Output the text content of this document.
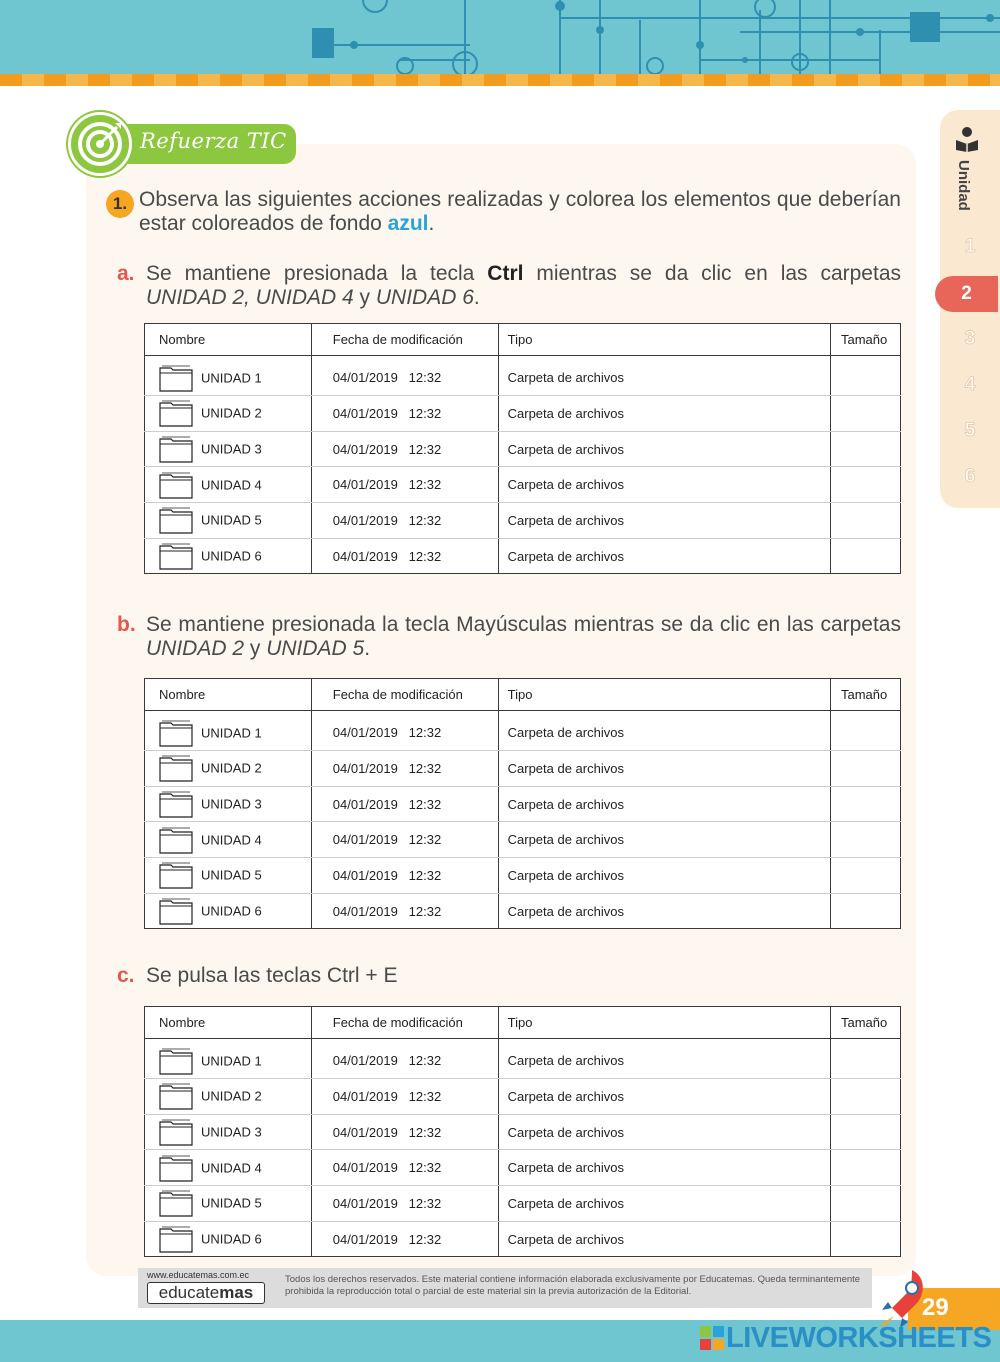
Refuerza TIC
Unidad
1
2
3
4
5
6
1. Observa las siguientes acciones realizadas y colorea los elementos que deberían estar coloreados de fondo azul.
a. Se mantiene presionada la tecla Ctrl mientras se da clic en las carpetas UNIDAD 2, UNIDAD 4 y UNIDAD 6.
Nombre	Fecha de modificación	Tipo	Tamaño
UNIDAD 1	04/01/2019   12:32	Carpeta de archivos	
UNIDAD 2	04/01/2019   12:32	Carpeta de archivos	
UNIDAD 3	04/01/2019   12:32	Carpeta de archivos	
UNIDAD 4	04/01/2019   12:32	Carpeta de archivos	
UNIDAD 5	04/01/2019   12:32	Carpeta de archivos	
UNIDAD 6	04/01/2019   12:32	Carpeta de archivos	
b. Se mantiene presionada la tecla Mayúsculas mientras se da clic en las carpetas UNIDAD 2 y UNIDAD 5.
Nombre	Fecha de modificación	Tipo	Tamaño
UNIDAD 1	04/01/2019   12:32	Carpeta de archivos	
UNIDAD 2	04/01/2019   12:32	Carpeta de archivos	
UNIDAD 3	04/01/2019   12:32	Carpeta de archivos	
UNIDAD 4	04/01/2019   12:32	Carpeta de archivos	
UNIDAD 5	04/01/2019   12:32	Carpeta de archivos	
UNIDAD 6	04/01/2019   12:32	Carpeta de archivos	
c. Se pulsa las teclas Ctrl + E
Nombre	Fecha de modificación	Tipo	Tamaño
UNIDAD 1	04/01/2019   12:32	Carpeta de archivos	
UNIDAD 2	04/01/2019   12:32	Carpeta de archivos	
UNIDAD 3	04/01/2019   12:32	Carpeta de archivos	
UNIDAD 4	04/01/2019   12:32	Carpeta de archivos	
UNIDAD 5	04/01/2019   12:32	Carpeta de archivos	
UNIDAD 6	04/01/2019   12:32	Carpeta de archivos	
www.educatemas.com.ec
educatemas
Todos los derechos reservados. Este material contiene información elaborada exclusivamente por Educatemas. Queda terminantemente prohibida la reproducción total o parcial de este material sin la previa autorización de la Editorial.
29
LIVEWORKSHEETS
